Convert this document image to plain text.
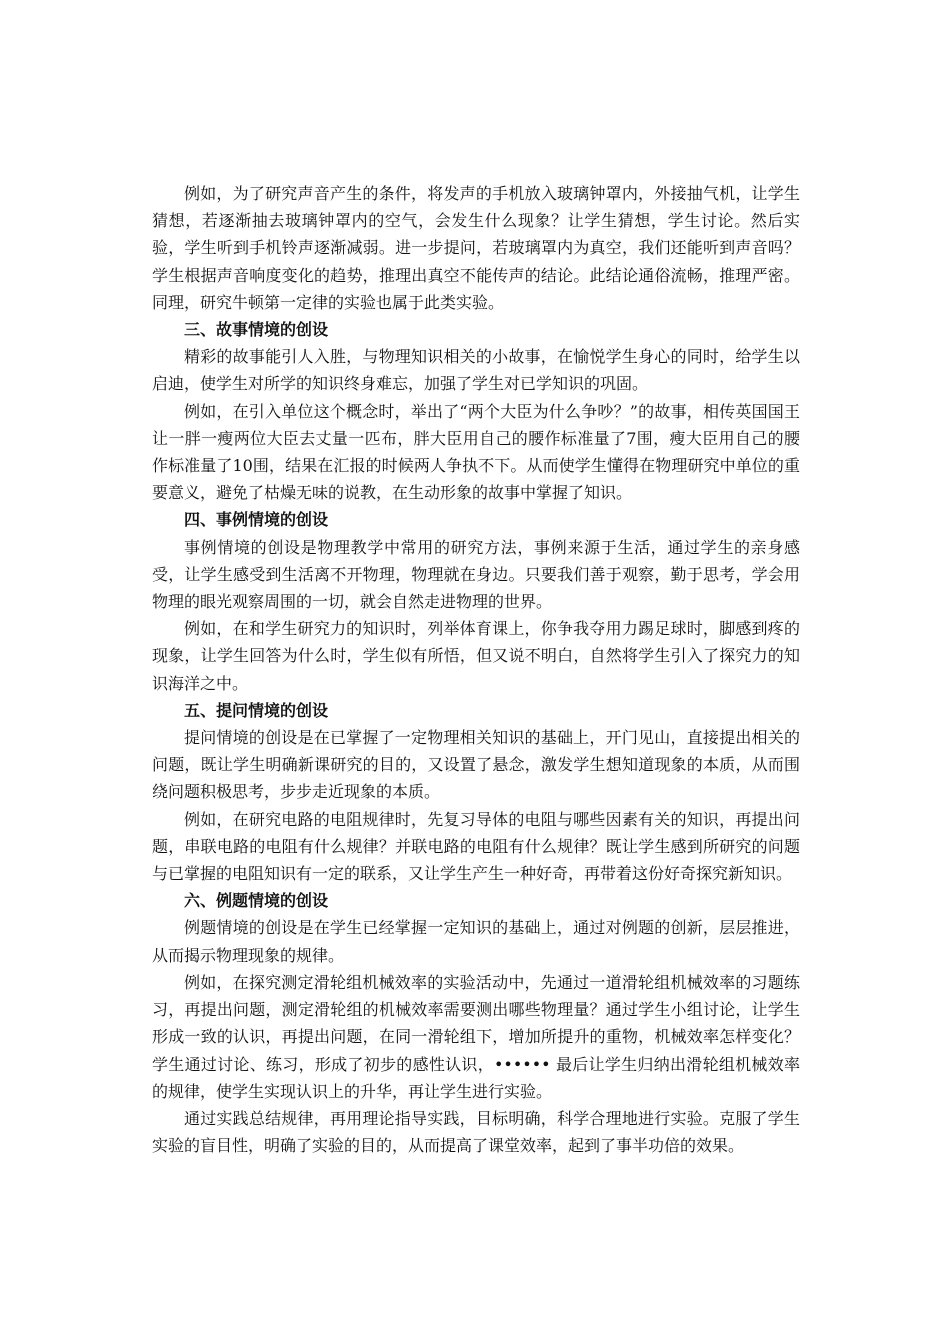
例如，为了研究声音产生的条件，将发声的手机放入玻璃钟罩内，外接抽气机，让学生猜想，若逐渐抽去玻璃钟罩内的空气，会发生什么现象？让学生猜想，学生讨论。然后实验，学生听到手机铃声逐渐减弱。进一步提问，若玻璃罩内为真空，我们还能听到声音吗？学生根据声音响度变化的趋势，推理出真空不能传声的结论。此结论通俗流畅，推理严密。同理，研究牛顿第一定律的实验也属于此类实验。

三、故事情境的创设

精彩的故事能引人入胜，与物理知识相关的小故事，在愉悦学生身心的同时，给学生以启迪，使学生对所学的知识终身难忘，加强了学生对已学知识的巩固。

例如，在引入单位这个概念时，举出了“两个大臣为什么争吵？”的故事，相传英国国王让一胖一瘦两位大臣去丈量一匹布，胖大臣用自己的腰作标准量了7围，瘦大臣用自己的腰作标准量了10围，结果在汇报的时候两人争执不下。从而使学生懂得在物理研究中单位的重要意义，避免了枯燥无味的说教，在生动形象的故事中掌握了知识。

四、事例情境的创设

事例情境的创设是物理教学中常用的研究方法，事例来源于生活，通过学生的亲身感受，让学生感受到生活离不开物理，物理就在身边。只要我们善于观察，勤于思考，学会用物理的眼光观察周围的一切，就会自然走进物理的世界。

例如，在和学生研究力的知识时，列举体育课上，你争我夺用力踢足球时，脚感到疼的现象，让学生回答为什么时，学生似有所悟，但又说不明白，自然将学生引入了探究力的知识海洋之中。

五、提问情境的创设

提问情境的创设是在已掌握了一定物理相关知识的基础上，开门见山，直接提出相关的问题，既让学生明确新课研究的目的，又设置了悬念，激发学生想知道现象的本质，从而围绕问题积极思考，步步走近现象的本质。

例如，在研究电路的电阻规律时，先复习导体的电阻与哪些因素有关的知识，再提出问题，串联电路的电阻有什么规律？并联电路的电阻有什么规律？既让学生感到所研究的问题与已掌握的电阻知识有一定的联系，又让学生产生一种好奇，再带着这份好奇探究新知识。

六、例题情境的创设

例题情境的创设是在学生已经掌握一定知识的基础上，通过对例题的创新，层层推进，从而揭示物理现象的规律。

例如，在探究测定滑轮组机械效率的实验活动中，先通过一道滑轮组机械效率的习题练习，再提出问题，测定滑轮组的机械效率需要测出哪些物理量？通过学生小组讨论，让学生形成一致的认识，再提出问题，在同一滑轮组下，增加所提升的重物，机械效率怎样变化？学生通过讨论、练习，形成了初步的感性认识，•••••• 最后让学生归纳出滑轮组机械效率的规律，使学生实现认识上的升华，再让学生进行实验。

通过实践总结规律，再用理论指导实践，目标明确，科学合理地进行实验。克服了学生实验的盲目性，明确了实验的目的，从而提高了课堂效率，起到了事半功倍的效果。
